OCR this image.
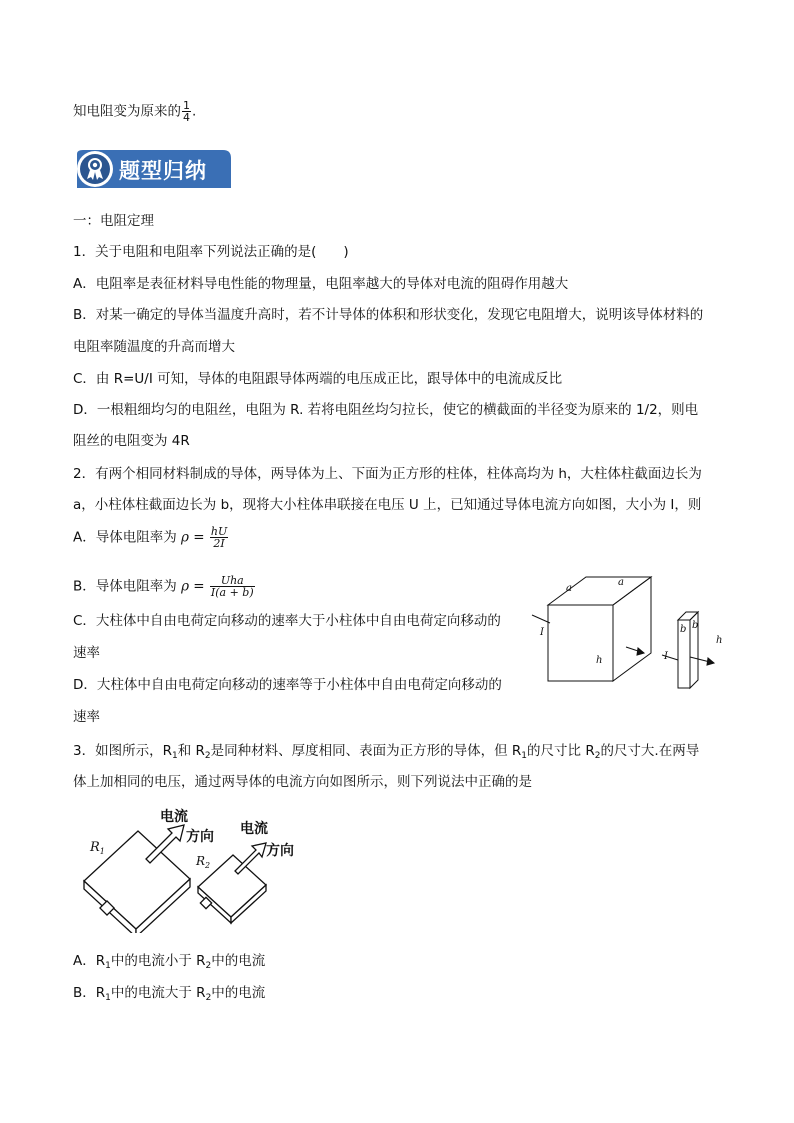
知电阻变为原来的 $\frac{1}{4}$ .
题型归纳
一：电阻定理
1．关于电阻和电阻率下列说法正确的是(　　)
A．电阻率是表征材料导电性能的物理量，电阻率越大的导体对电流的阻碍作用越大
B．对某一确定的导体当温度升高时，若不计导体的体积和形状变化，发现它电阻增大，说明该导体材料的
电阻率随温度的升高而增大
C．由 R=U/I 可知，导体的电阻跟导体两端的电压成正比，跟导体中的电流成反比
D．一根粗细均匀的电阻丝，电阻为 R. 若将电阻丝均匀拉长，使它的横截面的半径变为原来的 1/2，则电
阻丝的电阻变为 4R
2．有两个相同材料制成的导体，两导体为上、下面为正方形的柱体，柱体高均为 h，大柱体柱截面边长为
a，小柱体柱截面边长为 b，现将大小柱体串联接在电压 U 上，已知通过导体电流方向如图，大小为 I，则
A．导体电阻率为 $\rho = \frac{hU}{2I}$
B．导体电阻率为 $\rho = \frac{\text{Uha}}{I(a + b)}$
C．大柱体中自由电荷定向移动的速率大于小柱体中自由电荷定向移动的
速率
D．大柱体中自由电荷定向移动的速率等于小柱体中自由电荷定向移动的
速率
a
a
I
h	I
b b
h
3．如图所示，$R_1$和 $R_2$是同种材料、厚度相同、表面为正方形的导体，但 $R_1$的尺寸比 $R_2$的尺寸大.在两导
体上加相同的电压，通过两导体的电流方向如图所示，则下列说法中正确的是
$R_1$
$R_2$
电流
方向 电流
方向
A．$R_1$中的电流小于 $R_2$中的电流
B．$R_1$中的电流大于 $R_2$中的电流
